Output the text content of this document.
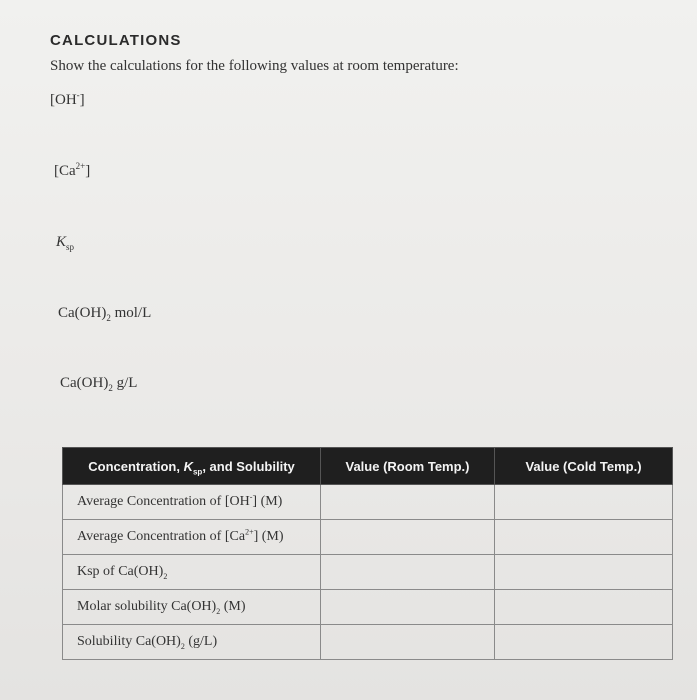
CALCULATIONS
Show the calculations for the following values at room temperature:
[OH-]
$[Ca^{2+}]$
$K_{sp}$
$Ca(OH)_2$ mol/L
$Ca(OH)_2$ g/L
Concentration, $K_{sp}$, and Solubility	Value (Room Temp.)	Value (Cold Temp.)
Average Concentration of [OH-] (M)		
Average Concentration of $[Ca^{2+}]$ (M)		
Ksp of $Ca(OH)_2$		
Molar solubility $Ca(OH)_2$ (M)		
Solubility $Ca(OH)_2$ (g/L)		
